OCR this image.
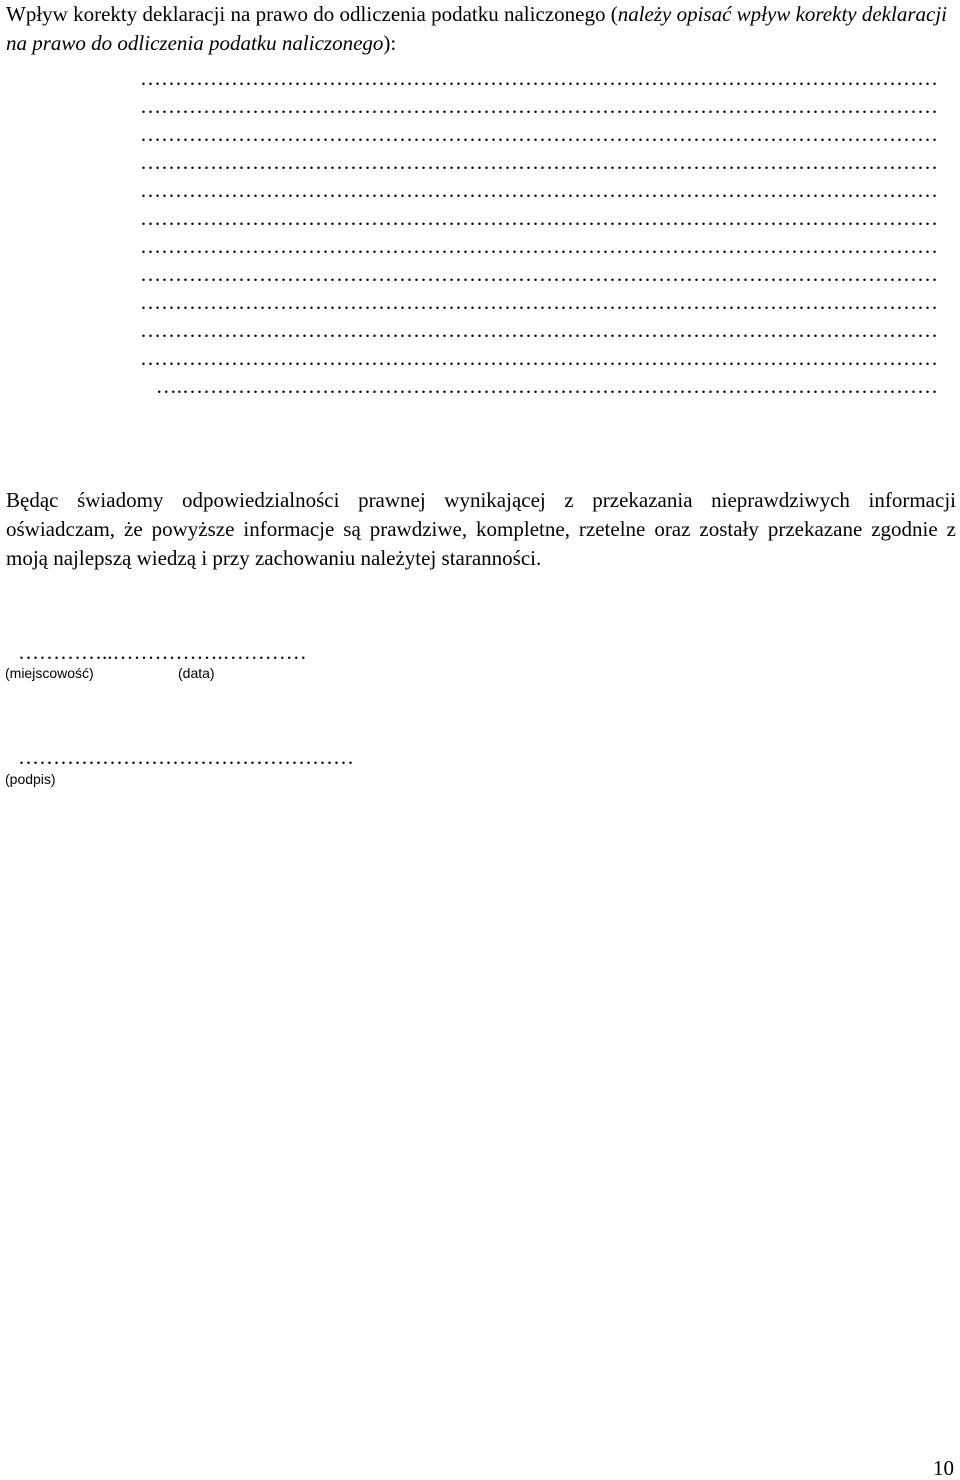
Wpływ korekty deklaracji na prawo do odliczenia podatku naliczonego (należy opisać wpływ korekty deklaracji na prawo do odliczenia podatku naliczonego):
……………………………………………………………………………………………………
……………………………………………………………………………………………………
……………………………………………………………………………………………………
……………………………………………………………………………………………………
……………………………………………………………………………………………………
……………………………………………………………………………………………………
……………………………………………………………………………………………………
……………………………………………………………………………………………………
……………………………………………………………………………………………………
……………………………………………………………………………………………………
……………………………………………………………………………………………………
….………………………………………………………………………………………………
Będąc świadomy odpowiedzialności prawnej wynikającej z przekazania nieprawdziwych informacji oświadczam, że powyższe informacje są prawdziwe, kompletne, rzetelne oraz zostały przekazane zgodnie z moją najlepszą wiedzą i przy zachowaniu należytej staranności.
…………..…………….…………
(miejscowość)	(data)
…………………………………………
(podpis)
10
